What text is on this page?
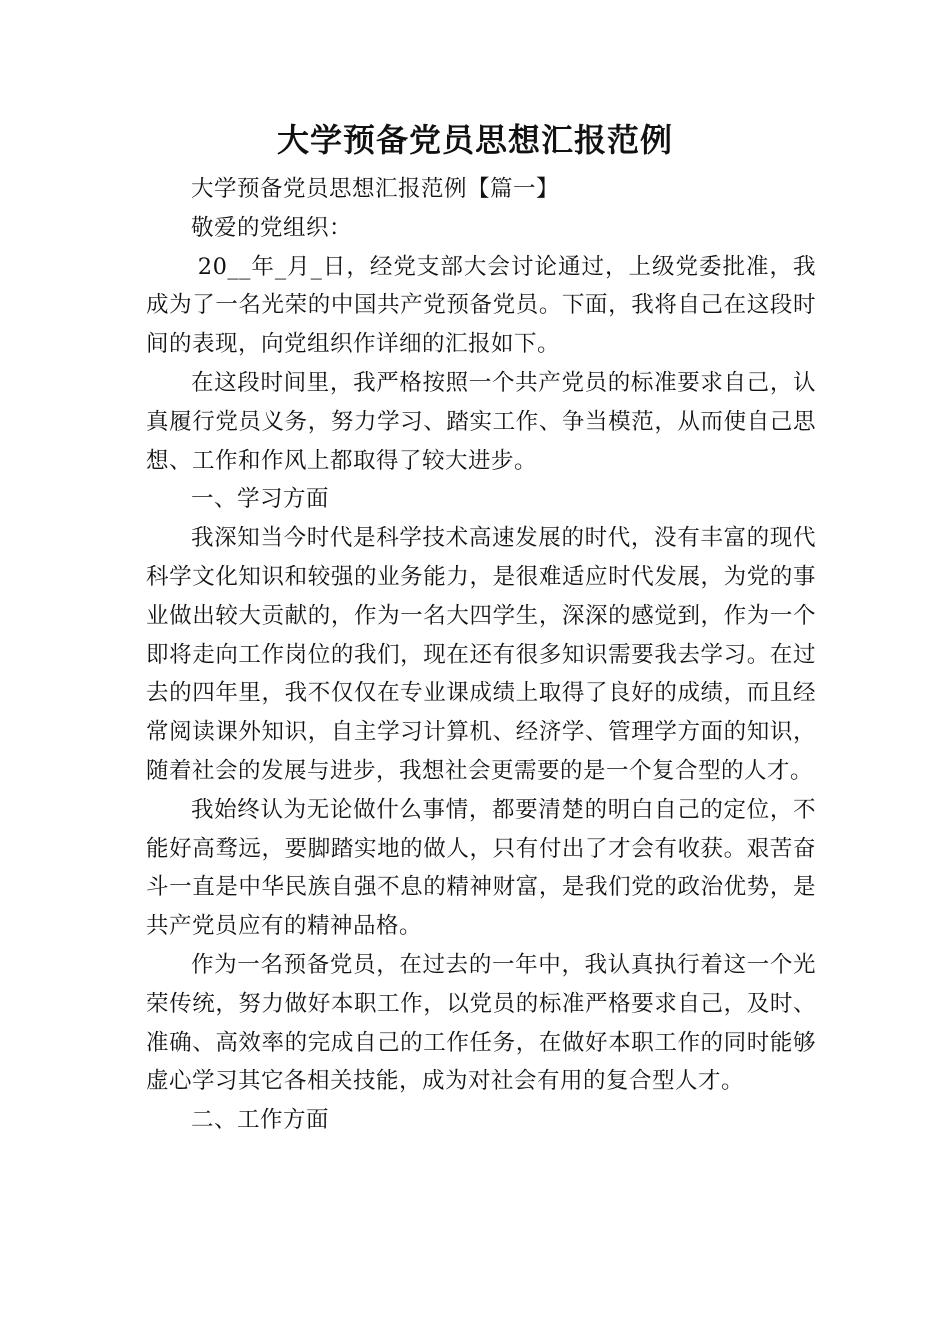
大学预备党员思想汇报范例

大学预备党员思想汇报范例【篇一】

敬爱的党组织：

20__年_月_日，经党支部大会讨论通过，上级党委批准，我成为了一名光荣的中国共产党预备党员。下面，我将自己在这段时间的表现，向党组织作详细的汇报如下。

在这段时间里，我严格按照一个共产党员的标准要求自己，认真履行党员义务，努力学习、踏实工作、争当模范，从而使自己思想、工作和作风上都取得了较大进步。

一、学习方面

我深知当今时代是科学技术高速发展的时代，没有丰富的现代科学文化知识和较强的业务能力，是很难适应时代发展，为党的事业做出较大贡献的，作为一名大四学生，深深的感觉到，作为一个即将走向工作岗位的我们，现在还有很多知识需要我去学习。在过去的四年里，我不仅仅在专业课成绩上取得了良好的成绩，而且经常阅读课外知识，自主学习计算机、经济学、管理学方面的知识，随着社会的发展与进步，我想社会更需要的是一个复合型的人才。

我始终认为无论做什么事情，都要清楚的明白自己的定位，不能好高骛远，要脚踏实地的做人，只有付出了才会有收获。艰苦奋斗一直是中华民族自强不息的精神财富，是我们党的政治优势，是共产党员应有的精神品格。

作为一名预备党员，在过去的一年中，我认真执行着这一个光荣传统，努力做好本职工作，以党员的标准严格要求自己，及时、准确、高效率的完成自己的工作任务，在做好本职工作的同时能够虚心学习其它各相关技能，成为对社会有用的复合型人才。

二、工作方面
